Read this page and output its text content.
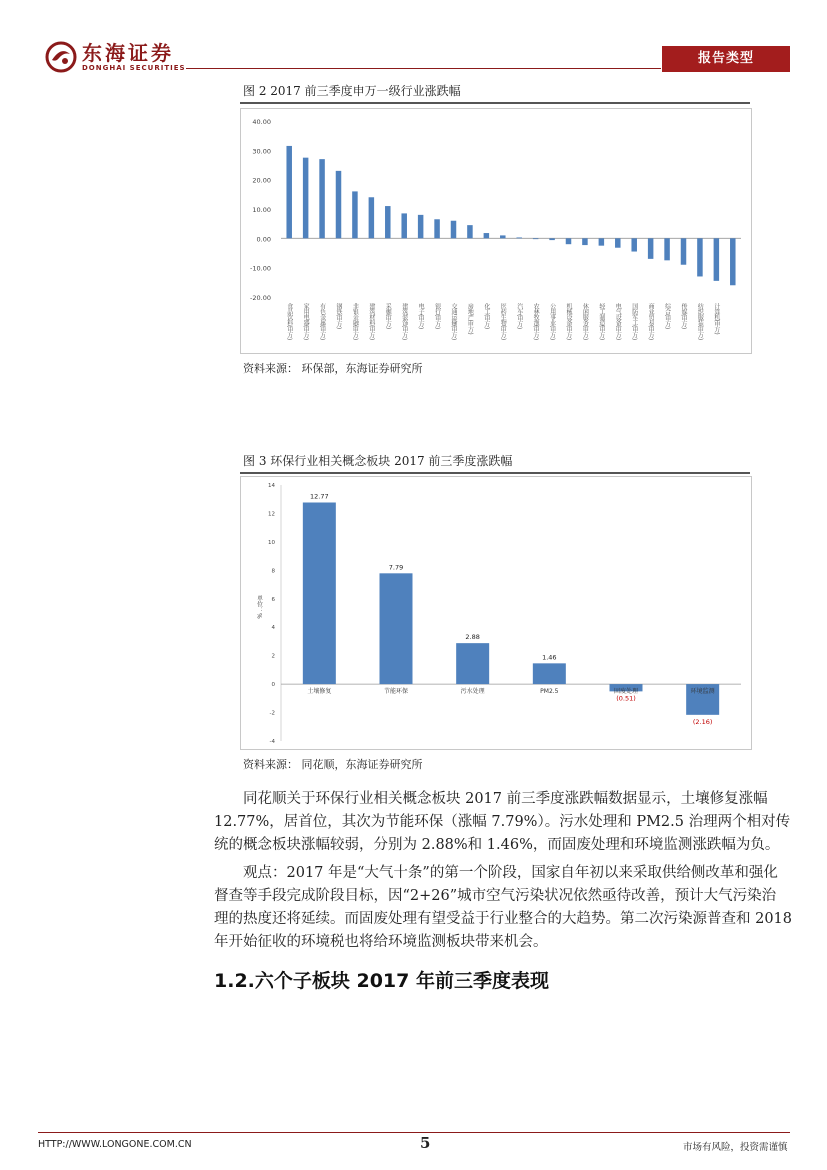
东海证券
DONGHAI SECURITIES
报告类型
图 2 2017 前三季度申万一级行业涨跌幅
40.00
30.00
20.00
10.00
0.00
-10.00
-20.00
食品饮料(申万) 家用电器(申万) 有色金属(申万) 钢铁(申万) 非银金融(申万) 建筑材料(申万) 采掘(申万) 建筑装饰(申万) 电子(申万) 银行(申万) 交通运输(申万) 房地产(申万) 化工(申万) 医药生物(申万) 汽车(申万) 农林牧渔(申万) 公用事业(申万) 机械设备(申万) 休闲服务(申万) 轻工制造(申万) 电气设备(申万) 国防军工(申万) 商业贸易(申万) 综合(申万) 传媒(申万) 纺织服装(申万) 计算机(申万)
资料来源： 环保部，东海证券研究所
图 3 环保行业相关概念板块 2017 前三季度涨跌幅
14
12
10
8
6
4
2
0
-2
-4
单位：%
12.77
土壤修复
7.79
节能环保
2.88
污水处理
1.46
PM2.5
(0.51)
固废处理
(2.16)
环境监测
资料来源： 同花顺，东海证券研究所
同花顺关于环保行业相关概念板块 2017 前三季度涨跌幅数据显示，土壤修复涨幅
12.77%，居首位，其次为节能环保（涨幅 7.79%）。污水处理和 PM2.5 治理两个相对传
统的概念板块涨幅较弱，分别为 2.88%和 1.46%，而固废处理和环境监测涨跌幅为负。
观点：2017 年是“大气十条”的第一个阶段，国家自年初以来采取供给侧改革和强化
督查等手段完成阶段目标，因“2+26”城市空气污染状况依然亟待改善，预计大气污染治
理的热度还将延续。而固废处理有望受益于行业整合的大趋势。第二次污染源普查和 2018
年开始征收的环境税也将给环境监测板块带来机会。
1.2.六个子板块 2017 年前三季度表现
HTTP://WWW.LONGONE.COM.CN	5	市场有风险，投资需谨慎
